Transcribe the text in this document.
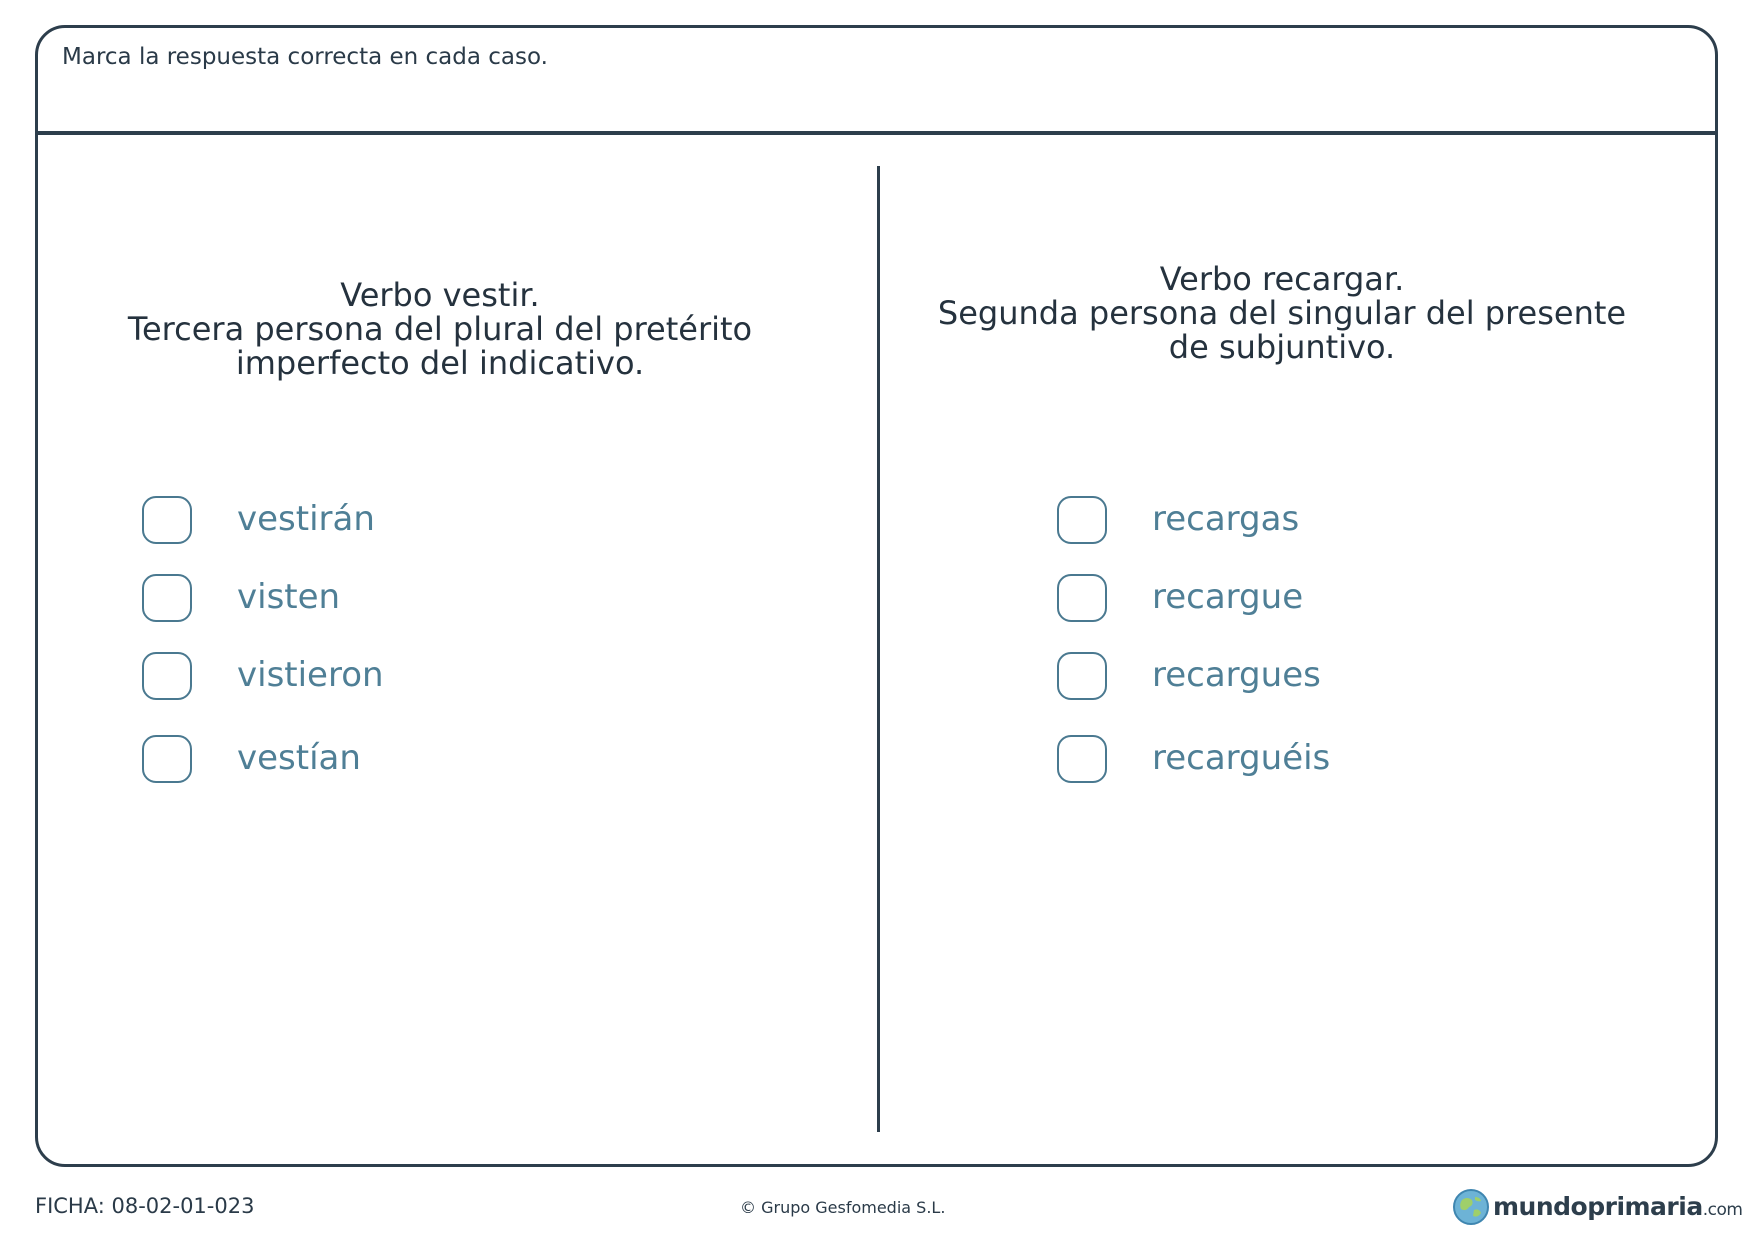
Marca la respuesta correcta en cada caso.
Verbo vestir.
Tercera persona del plural del pretérito
imperfecto del indicativo.
Verbo recargar.
Segunda persona del singular del presente
de subjuntivo.
vestirán
visten
vistieron
vestían
recargas
recargue
recargues
recarguéis
FICHA: 08-02-01-023	© Grupo Gesfomedia S.L.	mundoprimaria.com
